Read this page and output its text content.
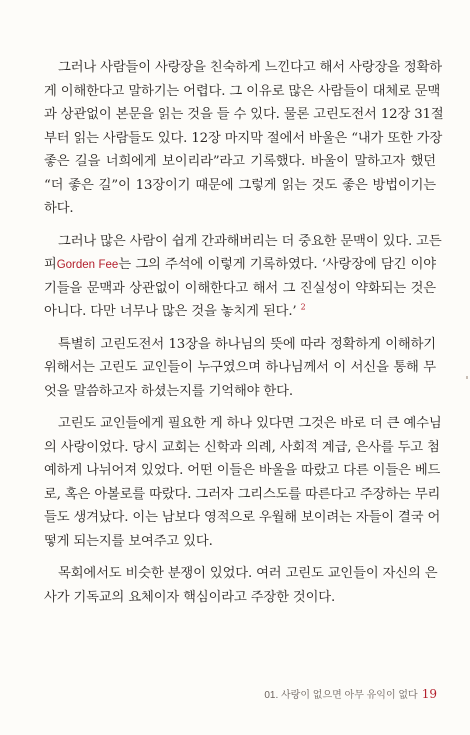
그러나 사람들이 사랑장을 친숙하게 느낀다고 해서 사랑장을 정확하
게 이해한다고 말하기는 어렵다. 그 이유로 많은 사람들이 대체로 문맥
과 상관없이 본문을 읽는 것을 들 수 있다. 물론 고린도전서 12장 31절
부터 읽는 사람들도 있다. 12장 마지막 절에서 바울은 “내가 또한 가장
좋은 길을 너희에게 보이리라”라고 기록했다. 바울이 말하고자 했던
“더 좋은 길”이 13장이기 때문에 그렇게 읽는 것도 좋은 방법이기는
하다.
그러나 많은 사람이 쉽게 간과해버리는 더 중요한 문맥이 있다. 고든
피Gorden Fee는 그의 주석에 이렇게 기록하였다. ‘사랑장에 담긴 이야
기들을 문맥과 상관없이 이해한다고 해서 그 진실성이 약화되는 것은
아니다. 다만 너무나 많은 것을 놓치게 된다.’ $^2$
특별히 고린도전서 13장을 하나님의 뜻에 따라 정확하게 이해하기
위해서는 고린도 교인들이 누구였으며 하나님께서 이 서신을 통해 무
엇을 말씀하고자 하셨는지를 기억해야 한다.
고린도 교인들에게 필요한 게 하나 있다면 그것은 바로 더 큰 예수님
의 사랑이었다. 당시 교회는 신학과 의례, 사회적 계급, 은사를 두고 첨
예하게 나뉘어져 있었다. 어떤 이들은 바울을 따랐고 다른 이들은 베드
로, 혹은 아볼로를 따랐다. 그러자 그리스도를 따른다고 주장하는 무리
들도 생겨났다. 이는 남보다 영적으로 우월해 보이려는 자들이 결국 어
떻게 되는지를 보여주고 있다.
목회에서도 비슷한 분쟁이 있었다. 여러 고린도 교인들이 자신의 은
사가 기독교의 요체이자 핵심이라고 주장한 것이다.
01. 사랑이 없으면 아무 유익이 없다 19
